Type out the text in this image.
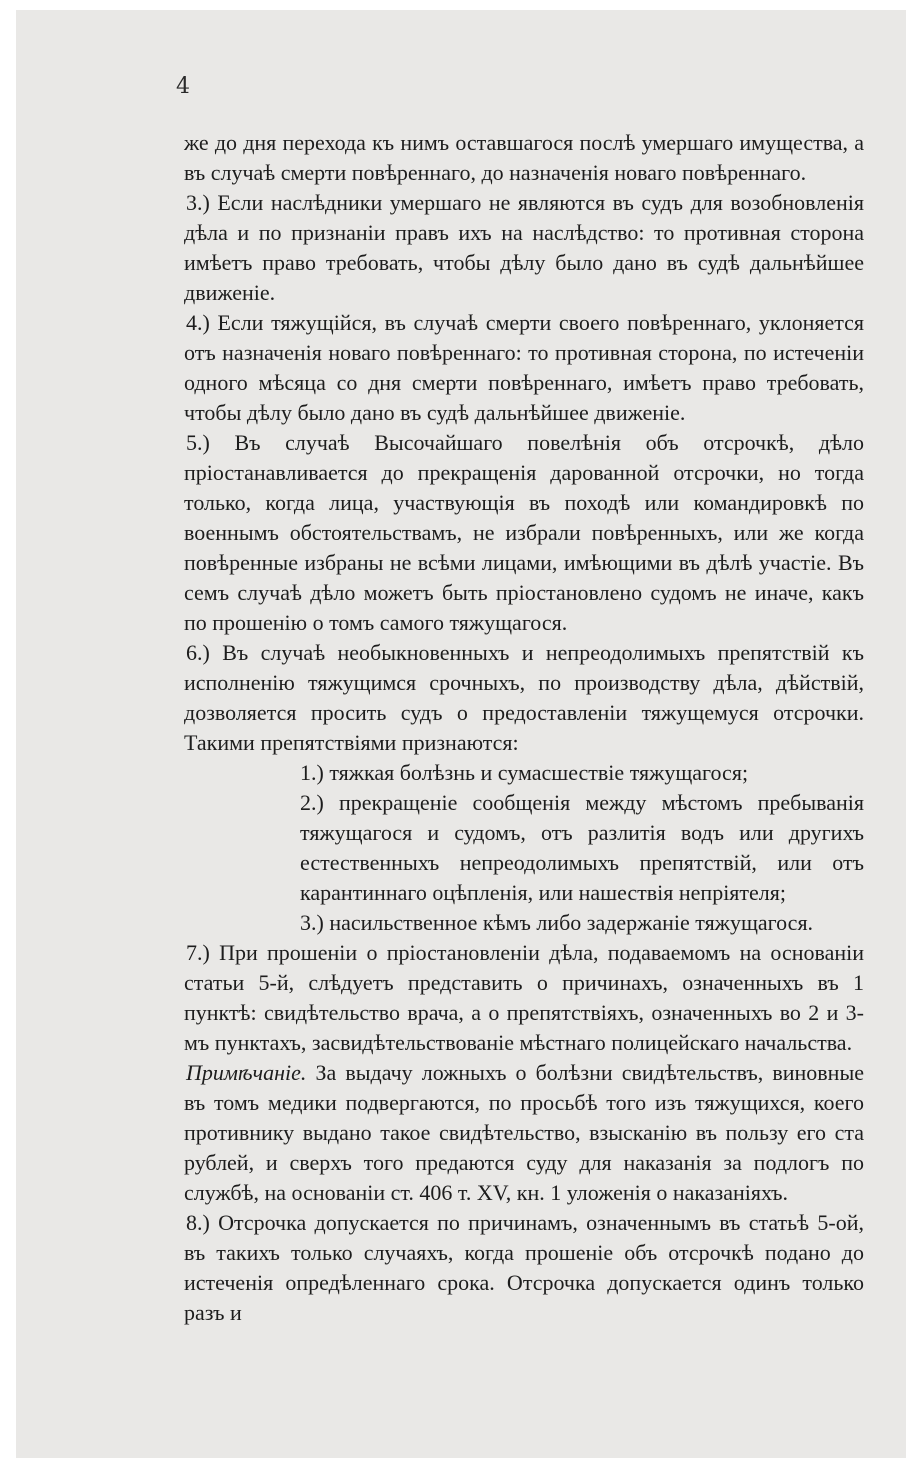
4

же до дня перехода къ нимъ оставшагося послѣ умершаго имущества, а въ случаѣ смерти повѣреннаго, до назначенія новаго повѣреннаго.

3.) Если наслѣдники умершаго не являются въ судъ для возобновленія дѣла и по признаніи правъ ихъ на наслѣдство: то противная сторона имѣетъ право требовать, чтобы дѣлу было дано въ судѣ дальнѣйшее движеніе.

4.) Если тяжущійся, въ случаѣ смерти своего повѣреннаго, уклоняется отъ назначенія новаго повѣреннаго: то противная сторона, по истеченіи одного мѣсяца со дня смерти повѣреннаго, имѣетъ право требовать, чтобы дѣлу было дано въ судѣ дальнѣйшее движеніе.

5.) Въ случаѣ Высочайшаго повелѣнія объ отсрочкѣ, дѣло пріостанавливается до прекращенія дарованной отсрочки, но тогда только, когда лица, участвующія въ походѣ или командировкѣ по военнымъ обстоятельствамъ, не избрали повѣренныхъ, или же когда повѣренные избраны не всѣми лицами, имѣющими въ дѣлѣ участіе. Въ семъ случаѣ дѣло можетъ быть пріостановлено судомъ не иначе, какъ по прошенію о томъ самого тяжущагося.

6.) Въ случаѣ необыкновенныхъ и непреодолимыхъ препятствій къ исполненію тяжущимся срочныхъ, по производству дѣла, дѣйствій, дозволяется просить судъ о предоставленіи тяжущемуся отсрочки. Такими препятствіями признаются:

1.) тяжкая болѣзнь и сумасшествіе тяжущагося;

2.) прекращеніе сообщенія между мѣстомъ пребыванія тяжущагося и судомъ, отъ разлитія водъ или другихъ естественныхъ непреодолимыхъ препятствій, или отъ карантиннаго оцѣпленія, или нашествія непріятеля;

3.) насильственное кѣмъ либо задержаніе тяжущагося.

7.) При прошеніи о пріостановленіи дѣла, подаваемомъ на основаніи статьи 5-й, слѣдуетъ представить о причинахъ, означенныхъ въ 1 пунктѣ: свидѣтельство врача, а о препятствіяхъ, означенныхъ во 2 и 3-мъ пунктахъ, засвидѣтельствованіе мѣстнаго полицейскаго начальства.

Примѣчаніе. За выдачу ложныхъ о болѣзни свидѣтельствъ, виновные въ томъ медики подвергаются, по просьбѣ того изъ тяжущихся, коего противнику выдано такое свидѣтельство, взысканію въ пользу его ста рублей, и сверхъ того предаются суду для наказанія за подлогъ по службѣ, на основаніи ст. 406 т. XV, кн. 1 уложенія о наказаніяхъ.

8.) Отсрочка допускается по причинамъ, означеннымъ въ статьѣ 5-ой, въ такихъ только случаяхъ, когда прошеніе объ отсрочкѣ подано до истеченія опредѣленнаго срока. Отсрочка допускается одинъ только разъ и
